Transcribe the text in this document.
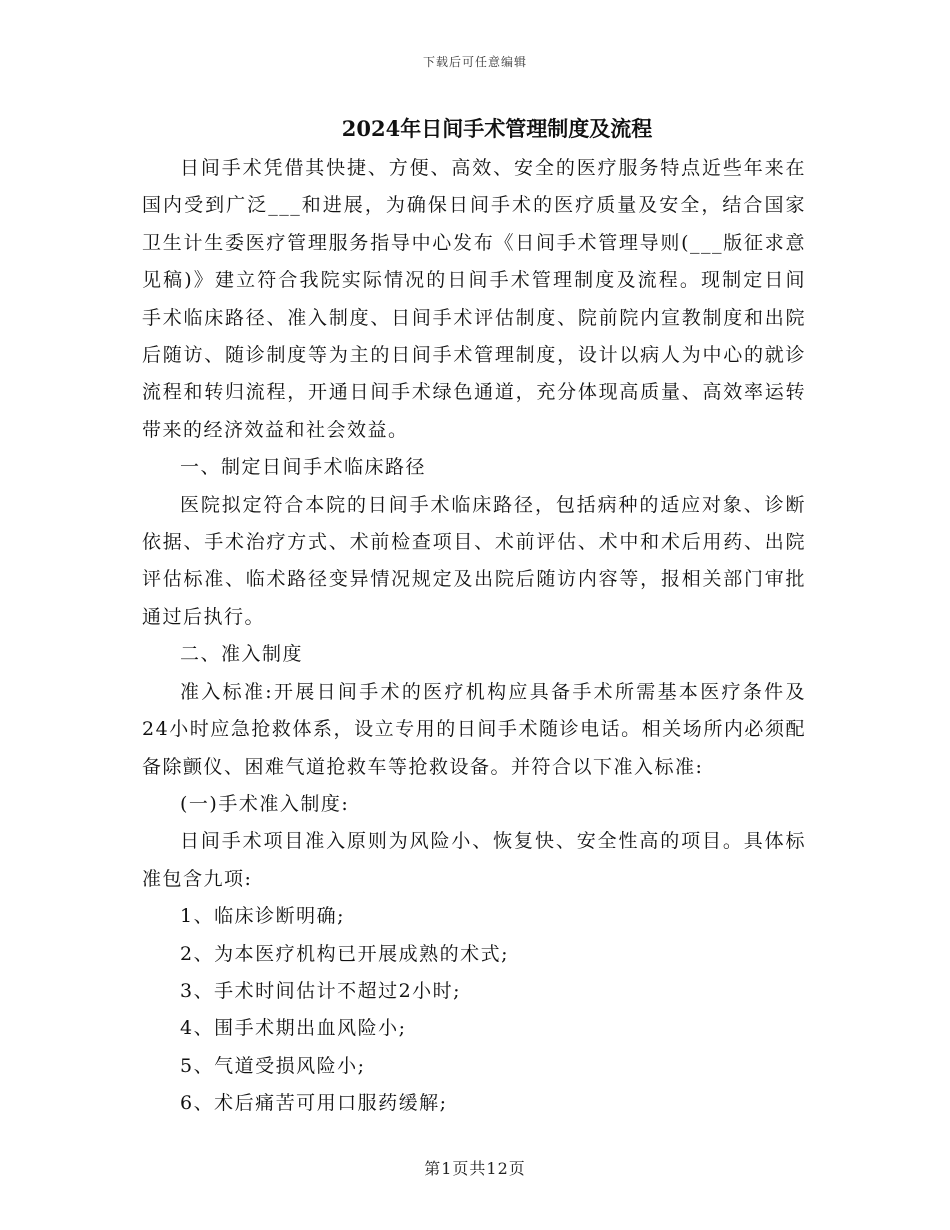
下载后可任意编辑
2024年日间手术管理制度及流程

日间手术凭借其快捷、方便、高效、安全的医疗服务特点近些年来在国内受到广泛___和进展，为确保日间手术的医疗质量及安全，结合国家卫生计生委医疗管理服务指导中心发布《日间手术管理导则(___版征求意见稿)》建立符合我院实际情况的日间手术管理制度及流程。现制定日间手术临床路径、准入制度、日间手术评估制度、院前院内宣教制度和出院后随访、随诊制度等为主的日间手术管理制度，设计以病人为中心的就诊流程和转归流程，开通日间手术绿色通道，充分体现高质量、高效率运转带来的经济效益和社会效益。

一、制定日间手术临床路径

医院拟定符合本院的日间手术临床路径，包括病种的适应对象、诊断依据、手术治疗方式、术前检查项目、术前评估、术中和术后用药、出院评估标准、临术路径变异情况规定及出院后随访内容等，报相关部门审批通过后执行。

二、准入制度

准入标准:开展日间手术的医疗机构应具备手术所需基本医疗条件及24小时应急抢救体系，设立专用的日间手术随诊电话。相关场所内必须配备除颤仪、困难气道抢救车等抢救设备。并符合以下准入标准:

(一)手术准入制度:

日间手术项目准入原则为风险小、恢复快、安全性高的项目。具体标准包含九项:

1、临床诊断明确;

2、为本医疗机构已开展成熟的术式;

3、手术时间估计不超过2小时;

4、围手术期出血风险小;

5、气道受损风险小;

6、术后痛苦可用口服药缓解;

第1页共12页
